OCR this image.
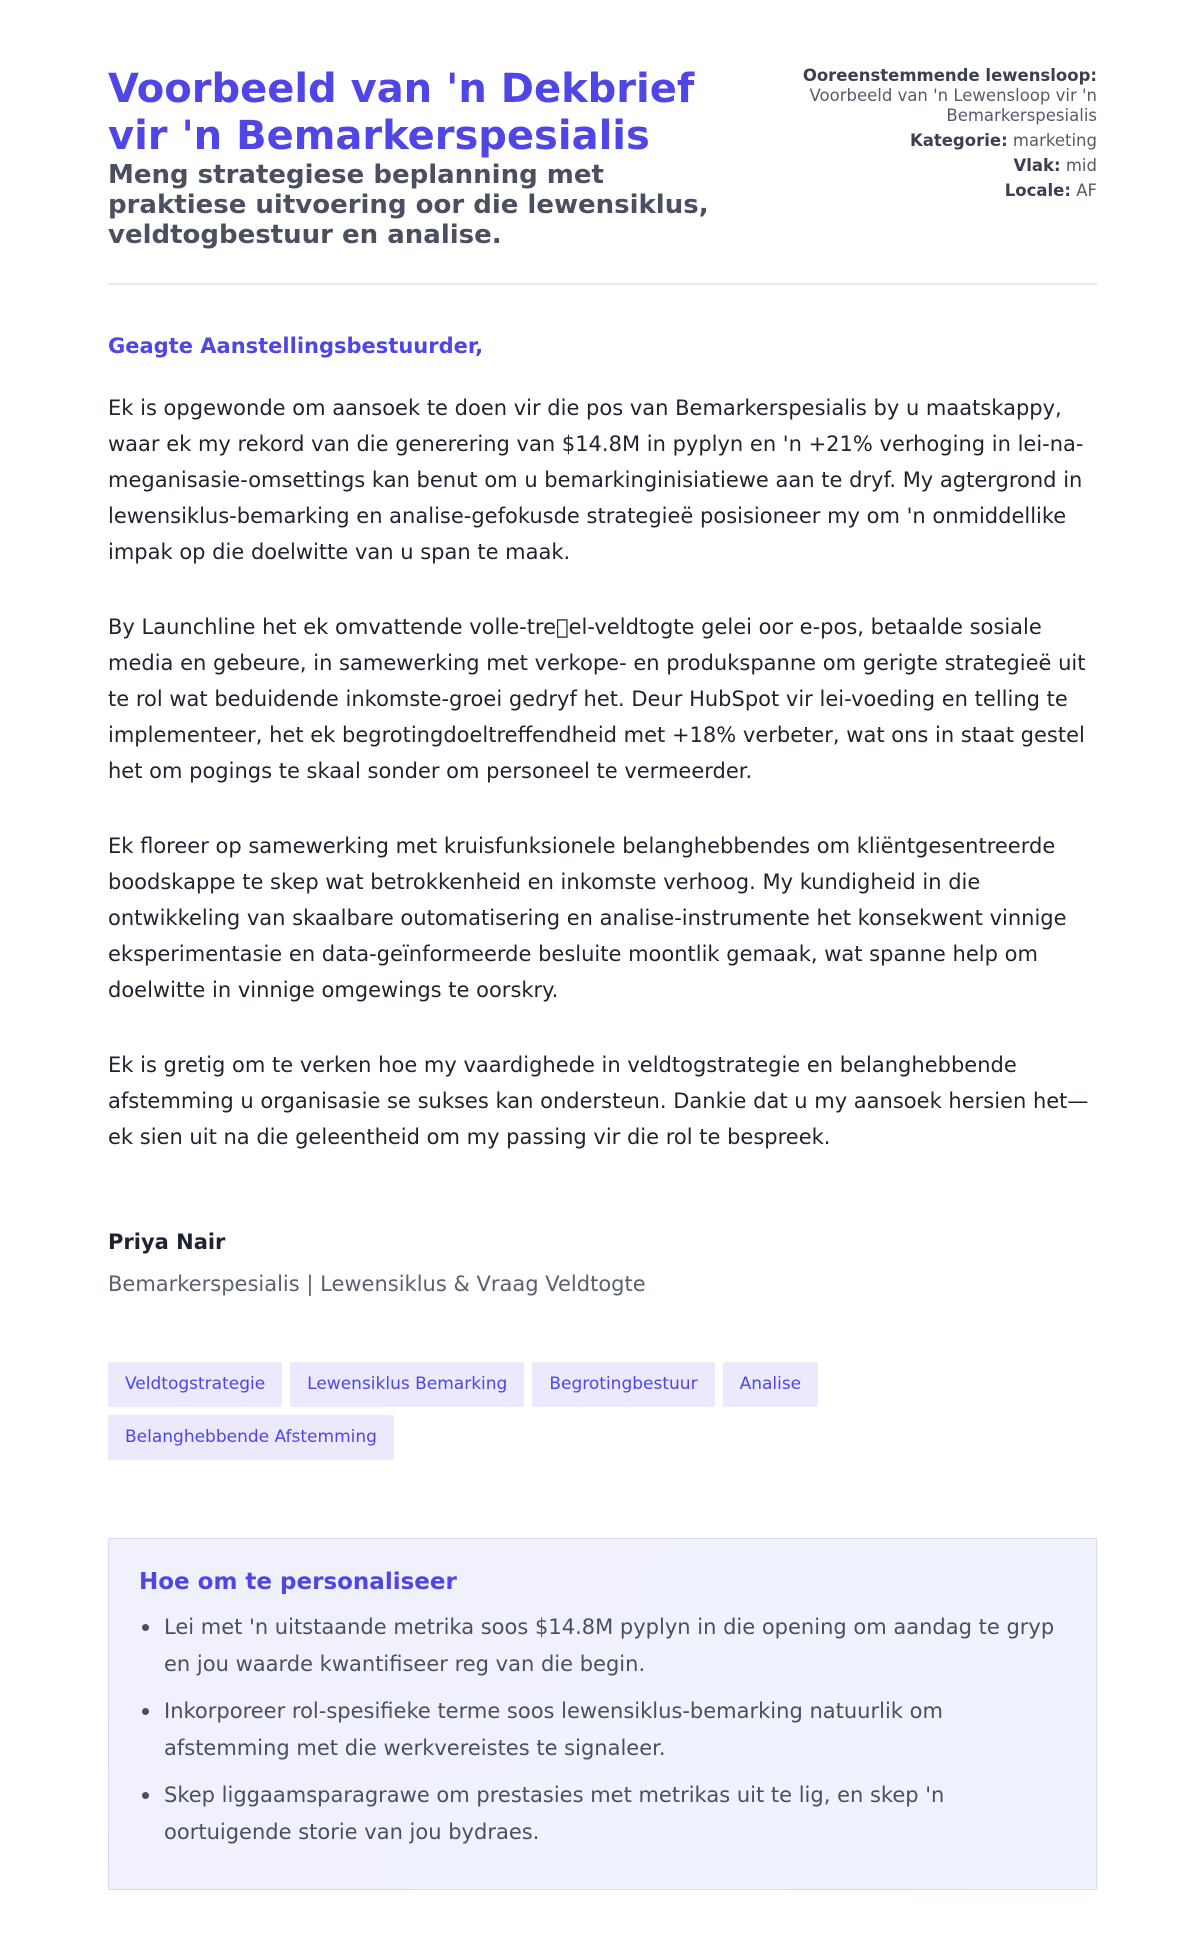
Voorbeeld van 'n Dekbrief vir 'n Bemarkerspesialis
Meng strategiese beplanning met praktiese uitvoering oor die lewensiklus, veldtogbestuur en analise.
Ooreenstemmende lewensloop:
Voorbeeld van 'n Lewensloop vir 'n Bemarkerspesialis
Kategorie: marketing
Vlak: mid
Locale: AF
Geagte Aanstellingsbestuurder,

Ek is opgewonde om aansoek te doen vir die pos van Bemarkerspesialis by u maatskappy, waar ek my rekord van die generering van $14.8M in pyplyn en 'n +21% verhoging in lei-na-meganisasie-omsettings kan benut om u bemarkinginisiatiewe aan te dryf. My agtergrond in lewensiklus-bemarking en analise-gefokusde strategieë posisioneer my om 'n onmiddellike impak op die doelwitte van u span te maak.

By Launchline het ek omvattende volle-tre el-veldtogte gelei oor e-pos, betaalde sosiale media en gebeure, in samewerking met verkope- en produkspanne om gerigte strategieë uit te rol wat beduidende inkomste-groei gedryf het. Deur HubSpot vir lei-voeding en telling te implementeer, het ek begrotingdoeltreffendheid met +18% verbeter, wat ons in staat gestel het om pogings te skaal sonder om personeel te vermeerder.

Ek floreer op samewerking met kruisfunksionele belanghebbendes om kliëntgesentreerde boodskappe te skep wat betrokkenheid en inkomste verhoog. My kundigheid in die ontwikkeling van skaalbare outomatisering en analise-instrumente het konsekwent vinnige eksperimentasie en data-geïnformeerde besluite moontlik gemaak, wat spanne help om doelwitte in vinnige omgewings te oorskry.

Ek is gretig om te verken hoe my vaardighede in veldtogstrategie en belanghebbende afstemming u organisasie se sukses kan ondersteun. Dankie dat u my aansoek hersien het—ek sien uit na die geleentheid om my passing vir die rol te bespreek.

Priya Nair
Bemarkerspesialis | Lewensiklus & Vraag Veldtogte
Veldtogstrategie Lewensiklus Bemarking Begrotingbestuur AnaliseBelanghebbende Afstemming
Hoe om te personaliseer
Lei met 'n uitstaande metrika soos $14.8M pyplyn in die opening om aandag te gryp en jou waarde kwantifiseer reg van die begin.
Inkorporeer rol-spesifieke terme soos lewensiklus-bemarking natuurlik om afstemming met die werkvereistes te signaleer.
Skep liggaamsparagrawe om prestasies met metrikas uit te lig, en skep 'n oortuigende storie van jou bydraes.
